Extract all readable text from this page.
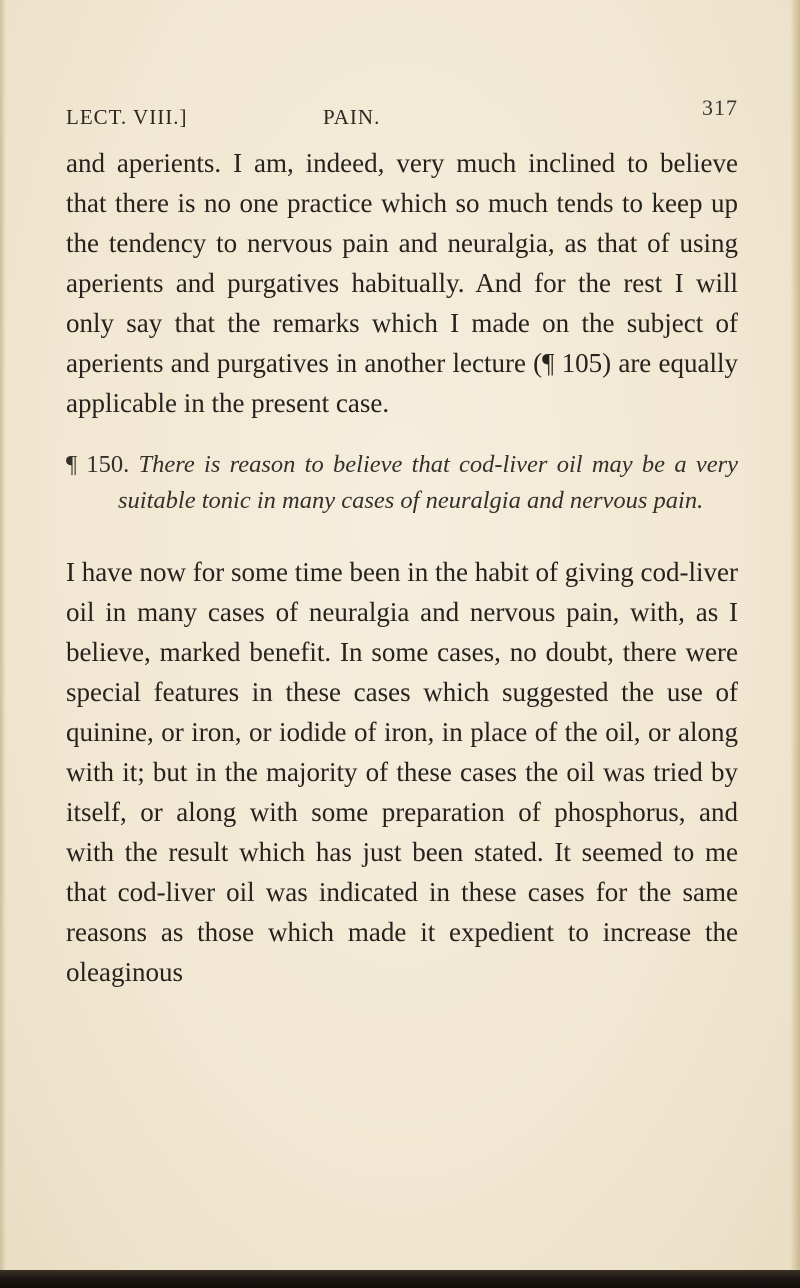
LECT. VIII.]	PAIN.	317

and aperients. I am, indeed, very much inclined to believe that there is no one practice which so much tends to keep up the tendency to nervous pain and neuralgia, as that of using aperients and purgatives habitually. And for the rest I will only say that the remarks which I made on the subject of aperients and purgatives in another lecture (¶ 105) are equally applicable in the present case.

¶ 150. There is reason to believe that cod-liver oil may be a very suitable tonic in many cases of neuralgia and nervous pain.

I have now for some time been in the habit of giving cod-liver oil in many cases of neuralgia and nervous pain, with, as I believe, marked benefit. In some cases, no doubt, there were special features in these cases which suggested the use of quinine, or iron, or iodide of iron, in place of the oil, or along with it; but in the majority of these cases the oil was tried by itself, or along with some preparation of phosphorus, and with the result which has just been stated. It seemed to me that cod-liver oil was indicated in these cases for the same reasons as those which made it expedient to increase the oleaginous
